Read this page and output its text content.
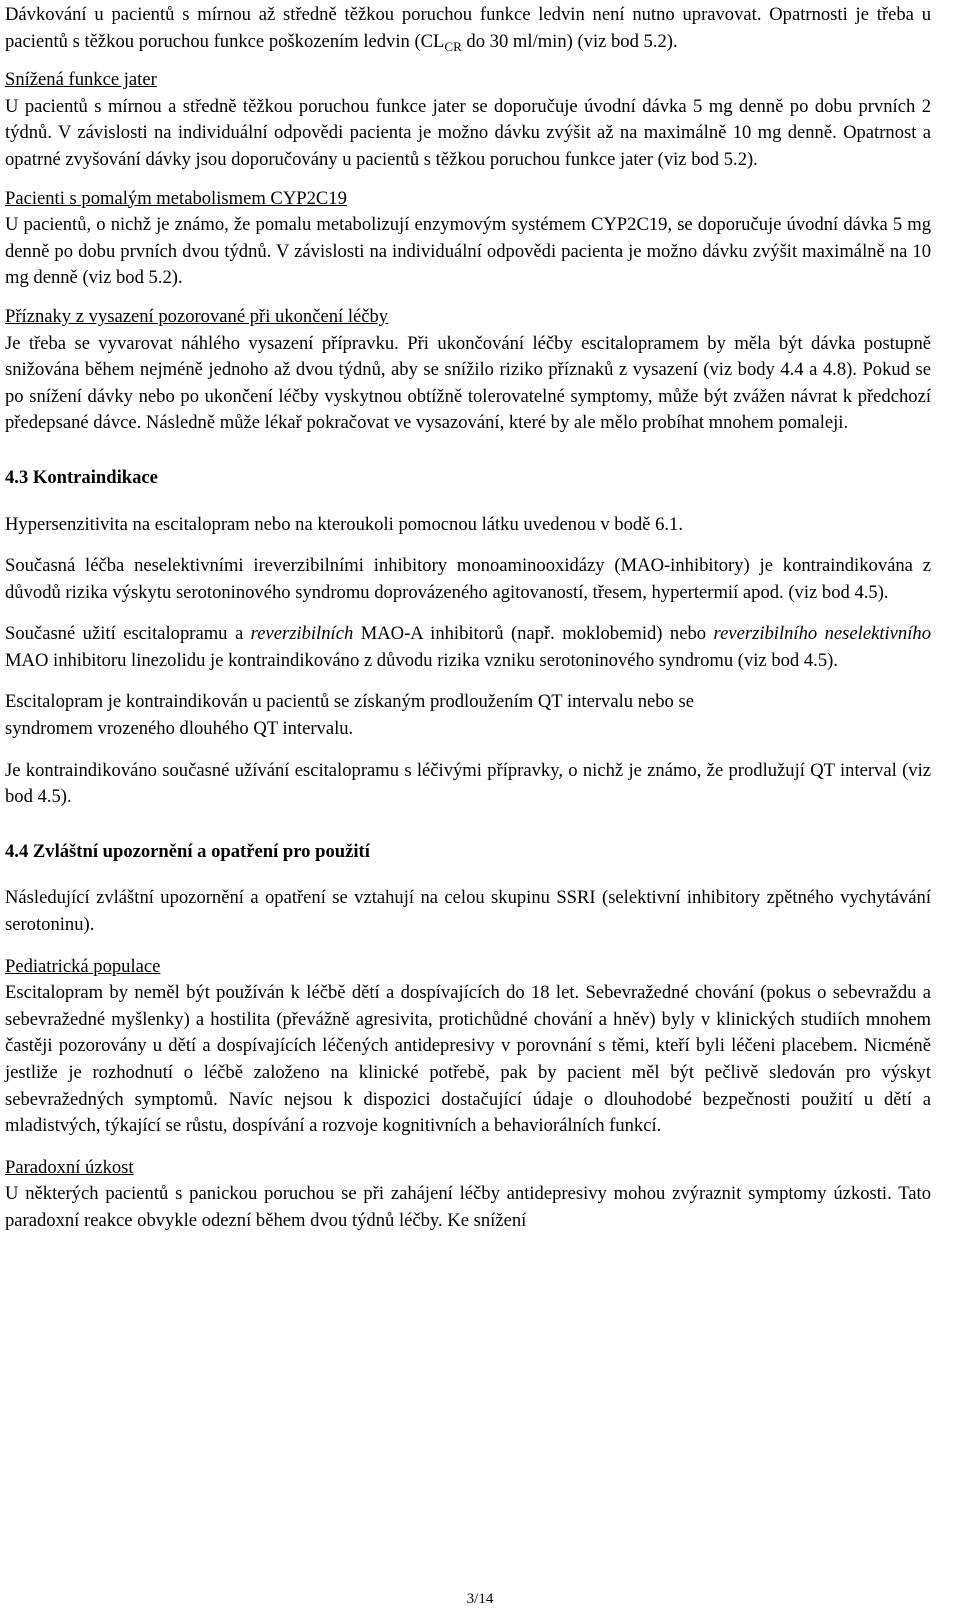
Dávkování u pacientů s mírnou až středně těžkou poruchou funkce ledvin není nutno upravovat. Opatrnosti je třeba u pacientů s těžkou poruchou funkce poškozením ledvin ($CL_{CR}$ do 30 ml/min) (viz bod 5.2).

Snížená funkce jater
U pacientů s mírnou a středně těžkou poruchou funkce jater se doporučuje úvodní dávka 5 mg denně po dobu prvních 2 týdnů. V závislosti na individuální odpovědi pacienta je možno dávku zvýšit až na maximálně 10 mg denně. Opatrnost a opatrné zvyšování dávky jsou doporučovány u pacientů s těžkou poruchou funkce jater (viz bod 5.2).

Pacienti s pomalým metabolismem CYP2C19
U pacientů, o nichž je známo, že pomalu metabolizují enzymovým systémem CYP2C19, se doporučuje úvodní dávka 5 mg denně po dobu prvních dvou týdnů. V závislosti na individuální odpovědi pacienta je možno dávku zvýšit maximálně na 10 mg denně (viz bod 5.2).

Příznaky z vysazení pozorované při ukončení léčby
Je třeba se vyvarovat náhlého vysazení přípravku. Při ukončování léčby escitalopramem by měla být dávka postupně snižována během nejméně jednoho až dvou týdnů, aby se snížilo riziko příznaků z vysazení (viz body 4.4 a 4.8). Pokud se po snížení dávky nebo po ukončení léčby vyskytnou obtížně tolerovatelné symptomy, může být zvážen návrat k předchozí předepsané dávce. Následně může lékař pokračovat ve vysazování, které by ale mělo probíhat mnohem pomaleji.

4.3 Kontraindikace

Hypersenzitivita na escitalopram nebo na kteroukoli pomocnou látku uvedenou v bodě 6.1.

Současná léčba neselektivními ireverzibilními inhibitory monoaminooxidázy (MAO-inhibitory) je kontraindikována z důvodů rizika výskytu serotoninového syndromu doprovázeného agitovaností, třesem, hypertermií apod. (viz bod 4.5).

Současné užití escitalopramu a reverzibilních MAO-A inhibitorů (např. moklobemid) nebo reverzibilního neselektivního MAO inhibitoru linezolidu je kontraindikováno z důvodu rizika vzniku serotoninového syndromu (viz bod 4.5).

Escitalopram je kontraindikován u pacientů se získaným prodloužením QT intervalu nebo se
syndromem vrozeného dlouhého QT intervalu.

Je kontraindikováno současné užívání escitalopramu s léčivými přípravky, o nichž je známo, že prodlužují QT interval (viz bod 4.5).

4.4 Zvláštní upozornění a opatření pro použití

Následující zvláštní upozornění a opatření se vztahují na celou skupinu SSRI (selektivní inhibitory zpětného vychytávání serotoninu).

Pediatrická populace
Escitalopram by neměl být používán k léčbě dětí a dospívajících do 18 let. Sebevražedné chování (pokus o sebevraždu a sebevražedné myšlenky) a hostilita (převážně agresivita, protichůdné chování a hněv) byly v klinických studiích mnohem častěji pozorovány u dětí a dospívajících léčených antidepresivy v porovnání s těmi, kteří byli léčeni placebem. Nicméně jestliže je rozhodnutí o léčbě založeno na klinické potřebě, pak by pacient měl být pečlivě sledován pro výskyt sebevražedných symptomů. Navíc nejsou k dispozici dostačující údaje o dlouhodobé bezpečnosti použití u dětí a mladistvých, týkající se růstu, dospívání a rozvoje kognitivních a behaviorálních funkcí.

Paradoxní úzkost
U některých pacientů s panickou poruchou se při zahájení léčby antidepresivy mohou zvýraznit symptomy úzkosti. Tato paradoxní reakce obvykle odezní během dvou týdnů léčby. Ke snížení

3/14
